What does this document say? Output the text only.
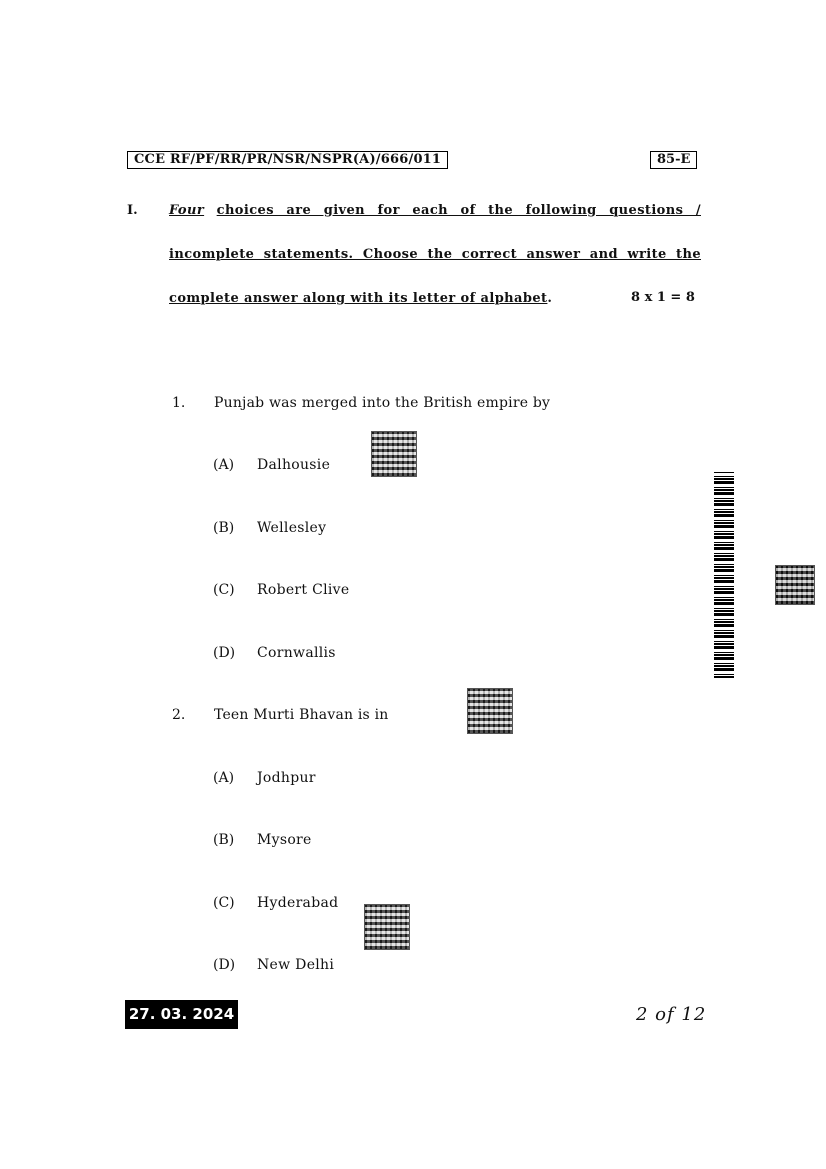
CCE RF/PF/RR/PR/NSR/NSPR(A)/666/011	85-E
I. Four choices are given for each of the following questions /
incomplete statements. Choose the correct answer and write the
complete answer along with its letter of alphabet.	8 x 1 = 8
1. Punjab was merged into the British empire by
(A) Dalhousie
(B) Wellesley
(C) Robert Clive
(D) Cornwallis
2. Teen Murti Bhavan is in
(A) Jodhpur
(B) Mysore
(C) Hyderabad
(D) New Delhi
27. 03. 2024	2 of 12
